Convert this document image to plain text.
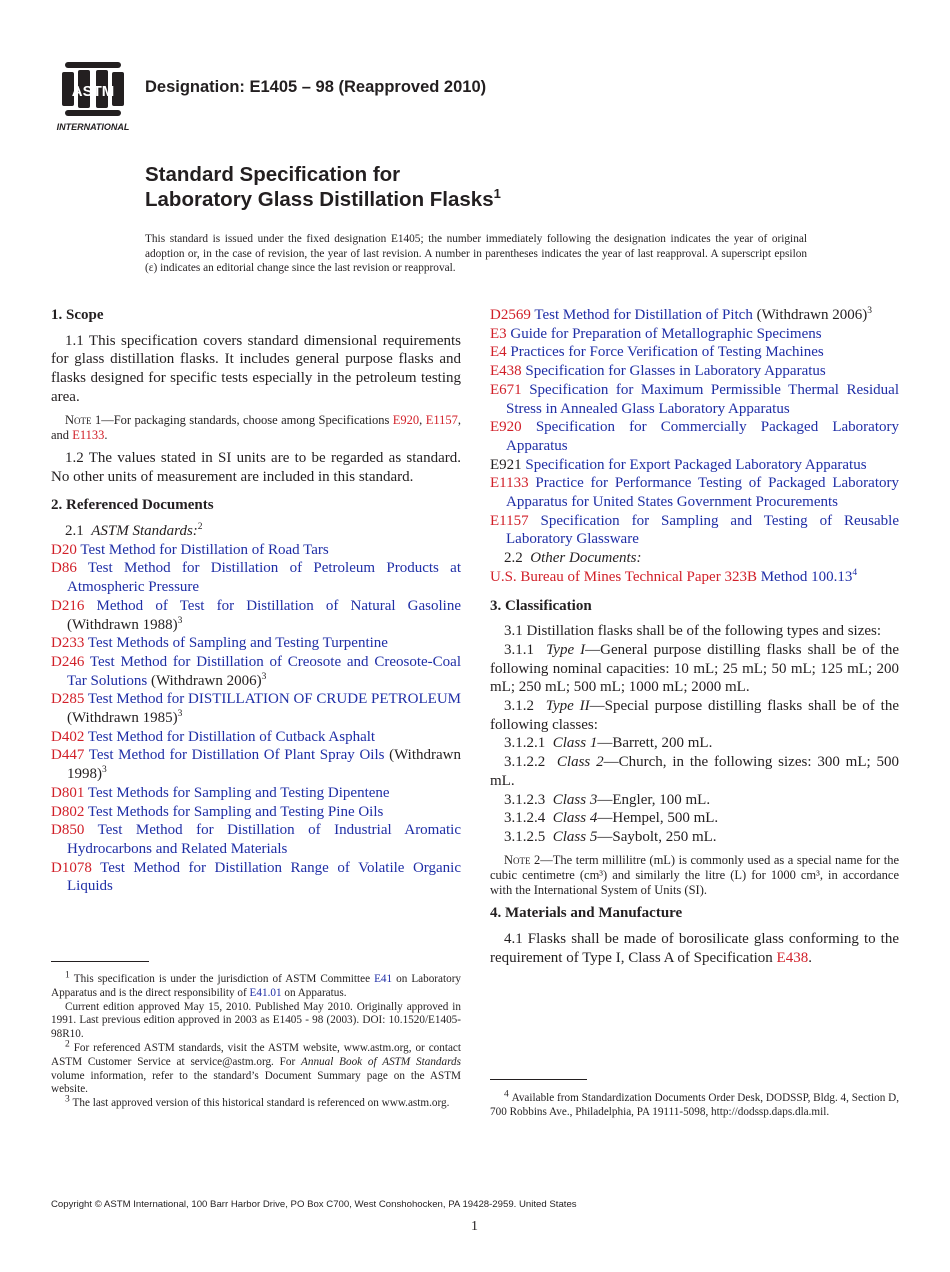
ASTM
INTERNATIONAL
Designation: E1405 – 98 (Reapproved 2010)
Standard Specification for
Laboratory Glass Distillation Flasks$^1$
This standard is issued under the fixed designation E1405; the number immediately following the designation indicates the year of original adoption or, in the case of revision, the year of last revision. A number in parentheses indicates the year of last reapproval. A superscript epsilon (ε) indicates an editorial change since the last revision or reapproval.
1. Scope

1.1 This specification covers standard dimensional requirements for glass distillation flasks. It includes general purpose flasks and flasks designed for specific tests especially in the petroleum testing area.

Note 1—For packaging standards, choose among Specifications E920, E1157, and E1133.

1.2 The values stated in SI units are to be regarded as standard. No other units of measurement are included in this standard.

2. Referenced Documents

2.1 ASTM Standards:$^2$

D20 Test Method for Distillation of Road Tars

D86 Test Method for Distillation of Petroleum Products at Atmospheric Pressure

D216 Method of Test for Distillation of Natural Gasoline (Withdrawn 1988)$^3$

D233 Test Methods of Sampling and Testing Turpentine

D246 Test Method for Distillation of Creosote and Creosote-Coal Tar Solutions (Withdrawn 2006)$^3$

D285 Test Method for DISTILLATION OF CRUDE PETROLEUM (Withdrawn 1985)$^3$

D402 Test Method for Distillation of Cutback Asphalt

D447 Test Method for Distillation Of Plant Spray Oils (Withdrawn 1998)$^3$

D801 Test Methods for Sampling and Testing Dipentene

D802 Test Methods for Sampling and Testing Pine Oils

D850 Test Method for Distillation of Industrial Aromatic Hydrocarbons and Related Materials

D1078 Test Method for Distillation Range of Volatile Organic Liquids

$^1$ This specification is under the jurisdiction of ASTM Committee E41 on Laboratory Apparatus and is the direct responsibility of E41.01 on Apparatus.

Current edition approved May 15, 2010. Published May 2010. Originally approved in 1991. Last previous edition approved in 2003 as E1405 - 98 (2003). DOI: 10.1520/E1405-98R10.

$^2$ For referenced ASTM standards, visit the ASTM website, www.astm.org, or contact ASTM Customer Service at service@astm.org. For Annual Book of ASTM Standards volume information, refer to the standard’s Document Summary page on the ASTM website.

$^3$ The last approved version of this historical standard is referenced on www.astm.org.

D2569 Test Method for Distillation of Pitch (Withdrawn 2006)$^3$

E3 Guide for Preparation of Metallographic Specimens

E4 Practices for Force Verification of Testing Machines

E438 Specification for Glasses in Laboratory Apparatus

E671 Specification for Maximum Permissible Thermal Residual Stress in Annealed Glass Laboratory Apparatus

E920 Specification for Commercially Packaged Laboratory Apparatus

E921 Specification for Export Packaged Laboratory Apparatus

E1133 Practice for Performance Testing of Packaged Laboratory Apparatus for United States Government Procurements

E1157 Specification for Sampling and Testing of Reusable Laboratory Glassware

2.2 Other Documents:

U.S. Bureau of Mines Technical Paper 323B Method 100.13$^4$

3. Classification

3.1 Distillation flasks shall be of the following types and sizes:

3.1.1 Type I—General purpose distilling flasks shall be of the following nominal capacities: 10 mL; 25 mL; 50 mL; 125 mL; 200 mL; 250 mL; 500 mL; 1000 mL; 2000 mL.

3.1.2 Type II—Special purpose distilling flasks shall be of the following classes:

3.1.2.1 Class 1—Barrett, 200 mL.

3.1.2.2 Class 2—Church, in the following sizes: 300 mL; 500 mL.

3.1.2.3 Class 3—Engler, 100 mL.

3.1.2.4 Class 4—Hempel, 500 mL.

3.1.2.5 Class 5—Saybolt, 250 mL.

Note 2—The term millilitre (mL) is commonly used as a special name for the cubic centimetre (cm³) and similarly the litre (L) for 1000 cm³, in accordance with the International System of Units (SI).

4. Materials and Manufacture

4.1 Flasks shall be made of borosilicate glass conforming to the requirement of Type I, Class A of Specification E438.

$^4$ Available from Standardization Documents Order Desk, DODSSP, Bldg. 4, Section D, 700 Robbins Ave., Philadelphia, PA 19111-5098, http://dodssp.daps.dla.mil.

Copyright © ASTM International, 100 Barr Harbor Drive, PO Box C700, West Conshohocken, PA 19428-2959. United States
1
